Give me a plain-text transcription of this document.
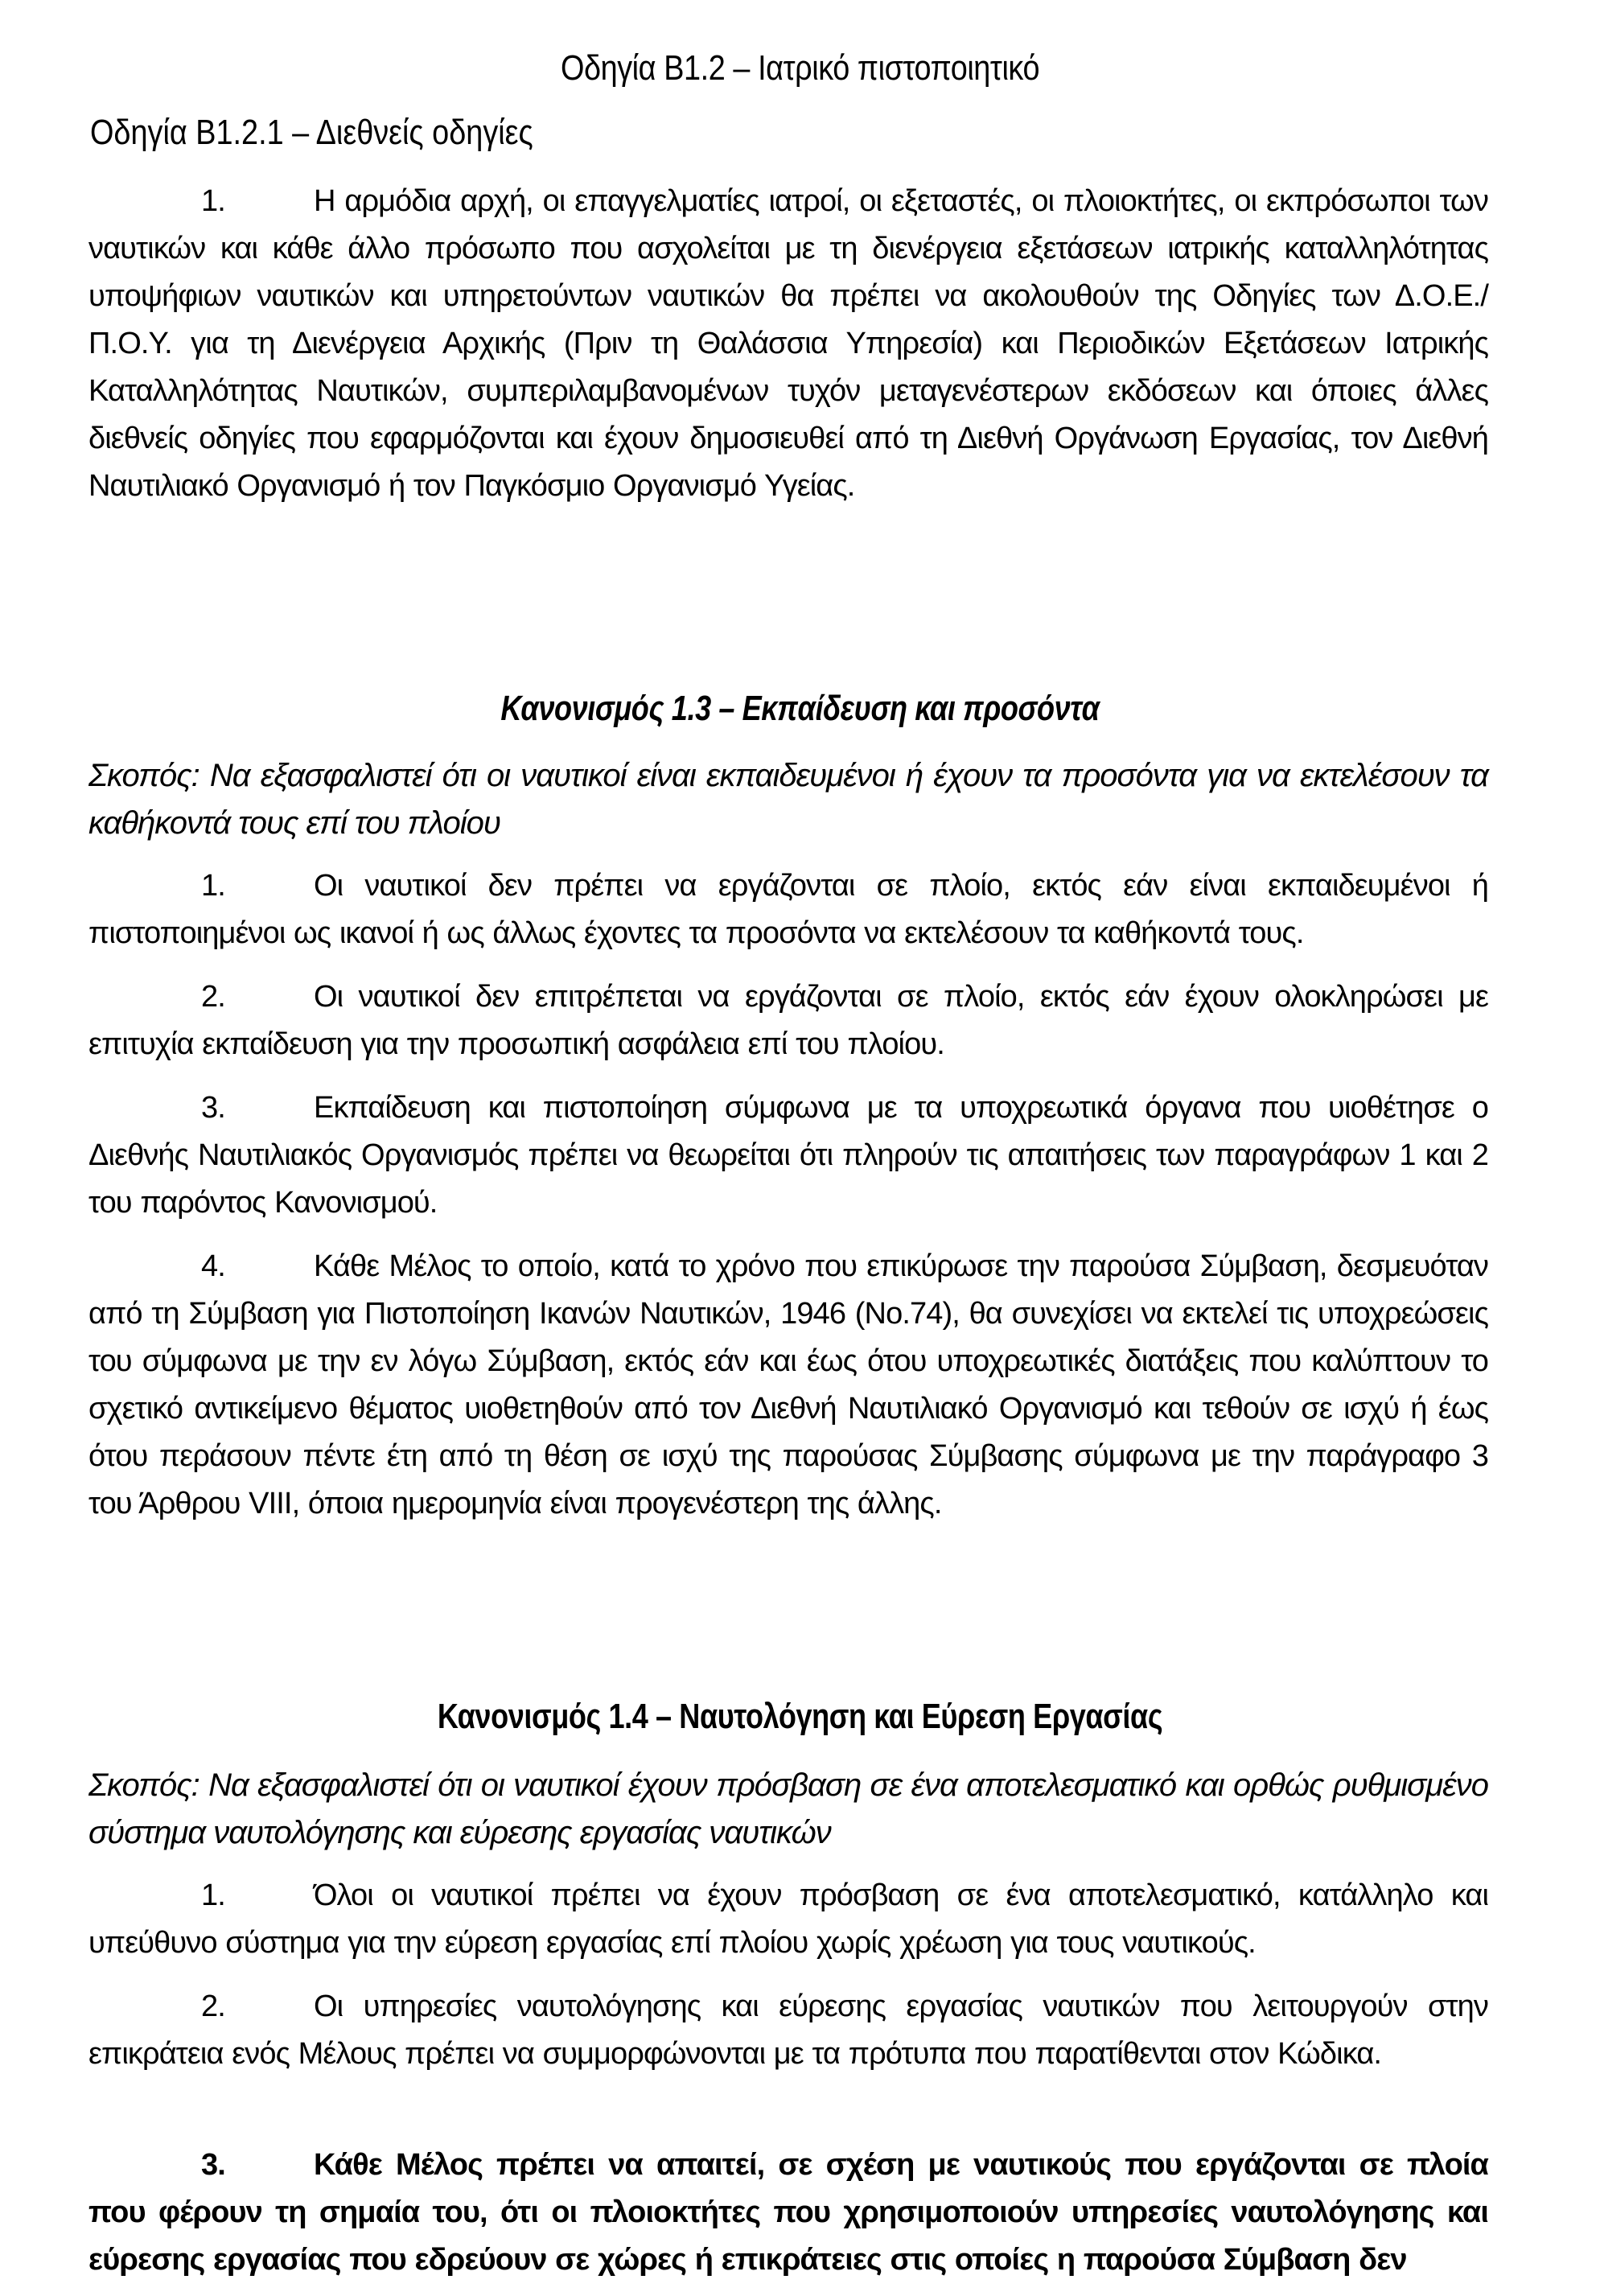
Οδηγία Β1.2 – Ιατρικό πιστοποιητικό
Οδηγία Β1.2.1 – Διεθνείς οδηγίες
1.	Η αρμόδια αρχή, οι επαγγελματίες ιατροί, οι εξεταστές, οι πλοιοκτήτες, οι εκπρόσωποι των ναυτικών και κάθε άλλο πρόσωπο που ασχολείται με τη διενέργεια εξετάσεων ιατρικής καταλληλότητας υποψήφιων ναυτικών και υπηρετούντων ναυτικών θα πρέπει να ακολουθούν της Οδηγίες των Δ.Ο.Ε./ Π.Ο.Υ. για τη Διενέργεια Αρχικής (Πριν τη Θαλάσσια Υπηρεσία) και Περιοδικών Εξετάσεων Ιατρικής Καταλληλότητας Ναυτικών, συμπεριλαμβανομένων τυχόν μεταγενέστερων εκδόσεων και όποιες άλλες διεθνείς οδηγίες που εφαρμόζονται και έχουν δημοσιευθεί από τη Διεθνή Οργάνωση Εργασίας, τον Διεθνή Ναυτιλιακό Οργανισμό ή τον Παγκόσμιο Οργανισμό Υγείας.
Κανονισμός 1.3 – Εκπαίδευση και προσόντα
Σκοπός: Να εξασφαλιστεί ότι οι ναυτικοί είναι εκπαιδευμένοι ή έχουν τα προσόντα για να εκτελέσουν τα καθήκοντά τους επί του πλοίου
1.	Οι ναυτικοί δεν πρέπει να εργάζονται σε πλοίο, εκτός εάν είναι εκπαιδευμένοι ή πιστοποιημένοι ως ικανοί ή ως άλλως έχοντες τα προσόντα να εκτελέσουν τα καθήκοντά τους.
2.	Οι ναυτικοί δεν επιτρέπεται να εργάζονται σε πλοίο, εκτός εάν έχουν ολοκληρώσει με επιτυχία εκπαίδευση για την προσωπική ασφάλεια επί του πλοίου.
3.	Εκπαίδευση και πιστοποίηση σύμφωνα με τα υποχρεωτικά όργανα που υιοθέτησε ο Διεθνής Ναυτιλιακός Οργανισμός πρέπει να θεωρείται ότι πληρούν τις απαιτήσεις των παραγράφων 1 και 2 του παρόντος Κανονισμού.
4.	Κάθε Μέλος το οποίο, κατά το χρόνο που επικύρωσε την παρούσα Σύμβαση, δεσμευόταν από τη Σύμβαση για Πιστοποίηση Ικανών Ναυτικών, 1946 (Νο.74), θα συνεχίσει να εκτελεί τις υποχρεώσεις του σύμφωνα με την εν λόγω Σύμβαση, εκτός εάν και έως ότου υποχρεωτικές διατάξεις που καλύπτουν το σχετικό αντικείμενο θέματος υιοθετηθούν από τον Διεθνή Ναυτιλιακό Οργανισμό και τεθούν σε ισχύ ή έως ότου περάσουν πέντε έτη από τη θέση σε ισχύ της παρούσας Σύμβασης σύμφωνα με την παράγραφο 3 του Άρθρου VIII, όποια ημερομηνία είναι προγενέστερη της άλλης.
Κανονισμός 1.4 – Ναυτολόγηση και Εύρεση Εργασίας
Σκοπός: Να εξασφαλιστεί ότι οι ναυτικοί έχουν πρόσβαση σε ένα αποτελεσματικό και ορθώς ρυθμισμένο σύστημα ναυτολόγησης και εύρεσης εργασίας ναυτικών
1.	Όλοι οι ναυτικοί πρέπει να έχουν πρόσβαση σε ένα αποτελεσματικό, κατάλληλο και υπεύθυνο σύστημα για την εύρεση εργασίας επί πλοίου χωρίς χρέωση για τους ναυτικούς.
2.	Οι υπηρεσίες ναυτολόγησης και εύρεσης εργασίας ναυτικών που λειτουργούν στην επικράτεια ενός Μέλους πρέπει να συμμορφώνονται με τα πρότυπα που παρατίθενται στον Κώδικα.
3.	Κάθε Μέλος πρέπει να απαιτεί, σε σχέση με ναυτικούς που εργάζονται σε πλοία που φέρουν τη σημαία του, ότι οι πλοιοκτήτες που χρησιμοποιούν υπηρεσίες ναυτολόγησης και εύρεσης εργασίας που εδρεύουν σε χώρες ή επικράτειες στις οποίες η παρούσα Σύμβαση δεν
